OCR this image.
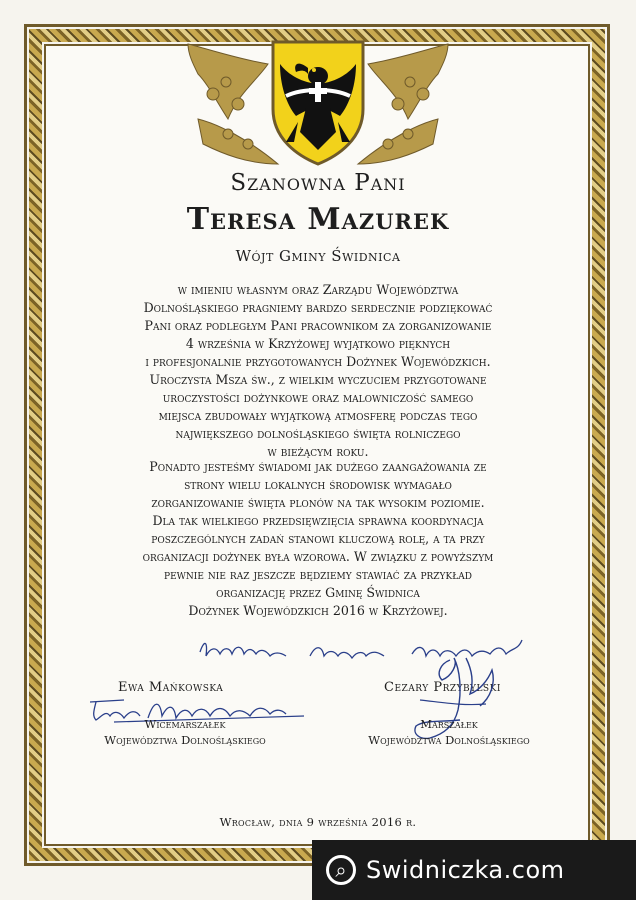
Szanowna Pani
Teresa Mazurek
Wójt Gminy Świdnica
w imieniu własnym oraz Zarządu Województwa
Dolnośląskiego pragniemy bardzo serdecznie podziękować
Pani oraz podległym Pani pracownikom za zorganizowanie
4 września w Krzyżowej wyjątkowo pięknych
i profesjonalnie przygotowanych Dożynek Wojewódzkich.
Uroczysta Msza św., z wielkim wyczuciem przygotowane
uroczystości dożynkowe oraz malowniczość samego
miejsca zbudowały wyjątkową atmosferę podczas tego
największego dolnośląskiego święta rolniczego
w bieżącym roku.
Ponadto jesteśmy świadomi jak dużego zaangażowania ze
strony wielu lokalnych środowisk wymagało
zorganizowanie święta plonów na tak wysokim poziomie.
Dla tak wielkiego przedsięwzięcia sprawna koordynacja
poszczególnych zadań stanowi kluczową rolę, a ta przy
organizacji dożynek była wzorowa. W związku z powyższym
pewnie nie raz jeszcze będziemy stawiać za przykład
organizację przez Gminę Świdnica
Dożynek Wojewódzkich 2016 w Krzyżowej.
Ewa Mańkowska
Wicemarszałek
Województwa Dolnośląskiego
Cezary Przybylski
Marszałek
Województwa Dolnośląskiego
Wrocław, dnia 9 września 2016 r.
⌕ Swidniczka.com
